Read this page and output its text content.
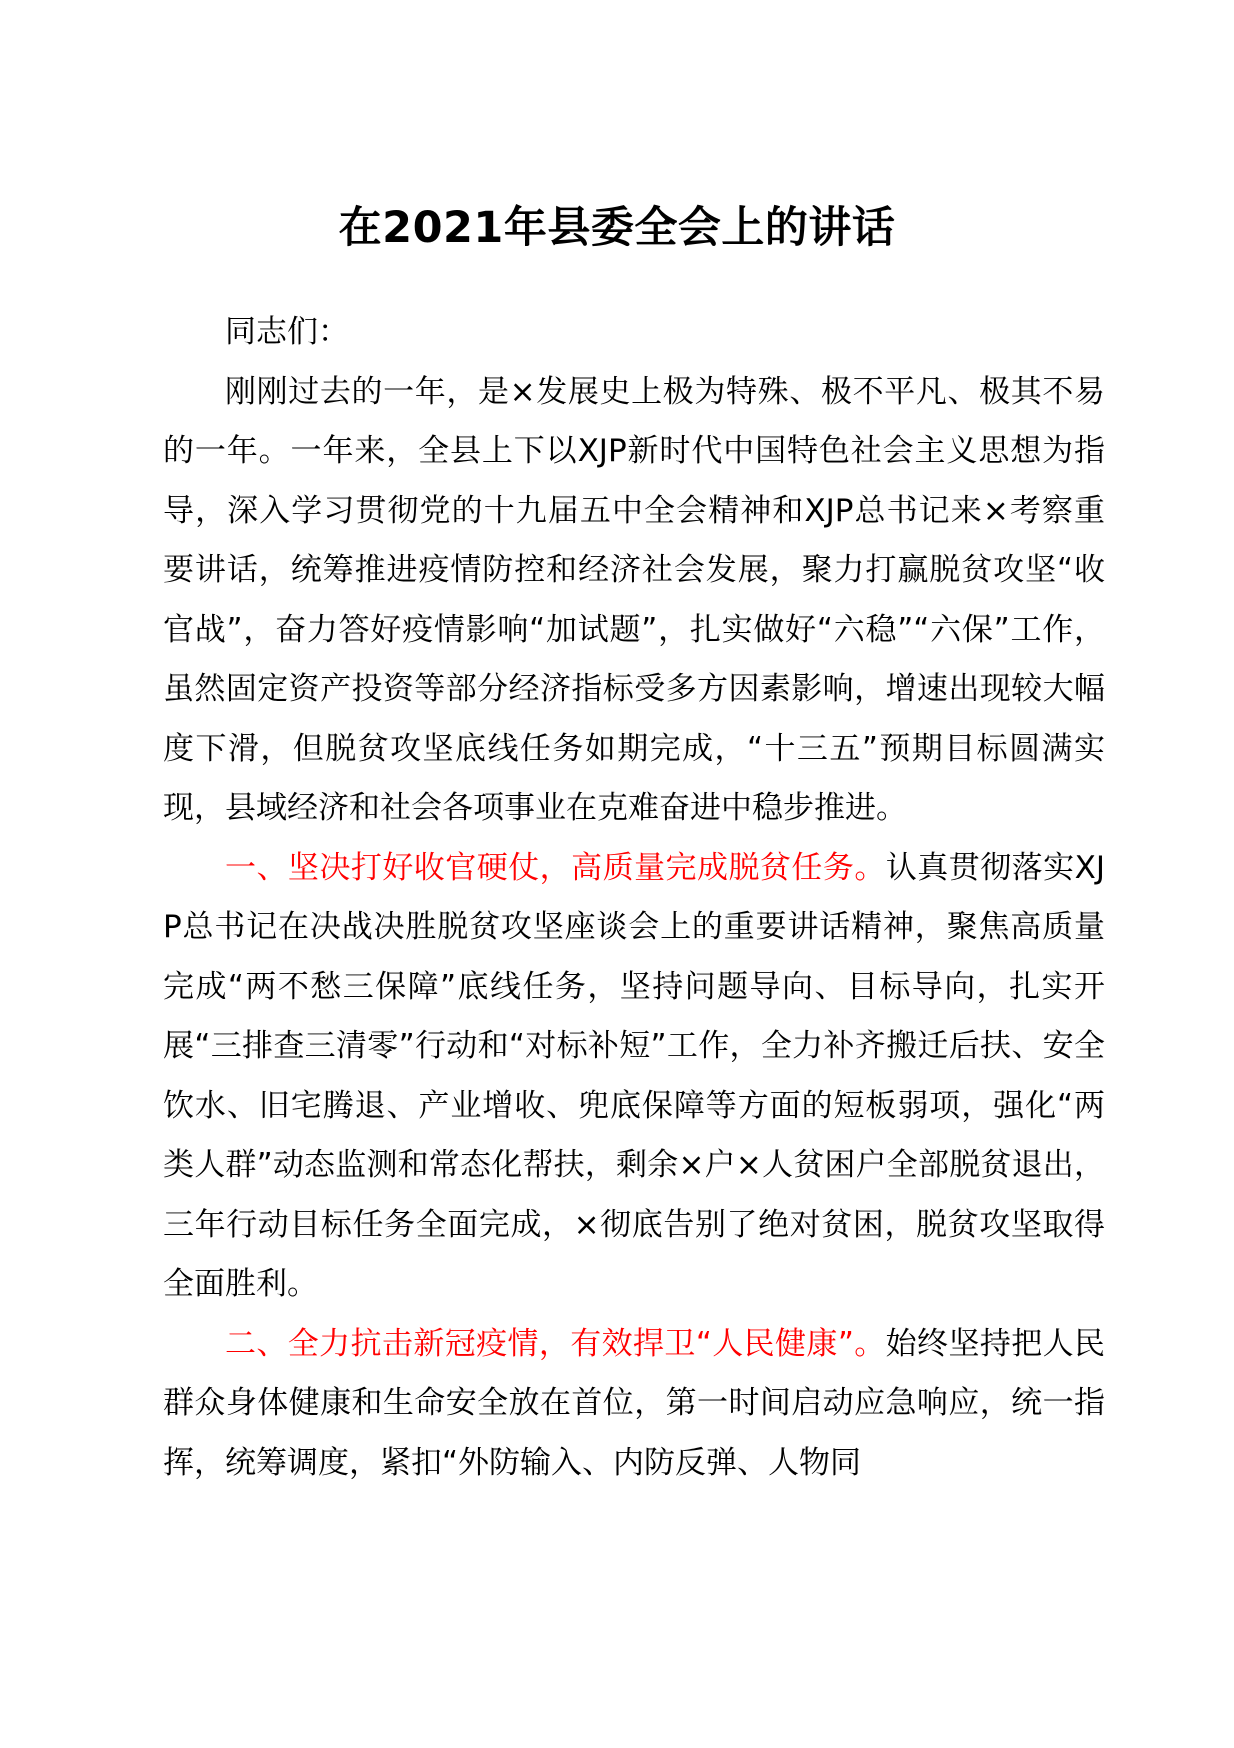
在2021年县委全会上的讲话

同志们：

刚刚过去的一年，是×发展史上极为特殊、极不平凡、极其不易的一年。一年来，全县上下以XJP新时代中国特色社会主义思想为指导，深入学习贯彻党的十九届五中全会精神和XJP总书记来×考察重要讲话，统筹推进疫情防控和经济社会发展，聚力打赢脱贫攻坚“收官战”，奋力答好疫情影响“加试题”，扎实做好“六稳”“六保”工作，虽然固定资产投资等部分经济指标受多方因素影响，增速出现较大幅度下滑，但脱贫攻坚底线任务如期完成，“十三五”预期目标圆满实现，县域经济和社会各项事业在克难奋进中稳步推进。

一、坚决打好收官硬仗，高质量完成脱贫任务。认真贯彻落实XJP总书记在决战决胜脱贫攻坚座谈会上的重要讲话精神，聚焦高质量完成“两不愁三保障”底线任务，坚持问题导向、目标导向，扎实开展“三排查三清零”行动和“对标补短”工作，全力补齐搬迁后扶、安全饮水、旧宅腾退、产业增收、兜底保障等方面的短板弱项，强化“两类人群”动态监测和常态化帮扶，剩余×户×人贫困户全部脱贫退出，三年行动目标任务全面完成，×彻底告别了绝对贫困，脱贫攻坚取得全面胜利。

二、全力抗击新冠疫情，有效捍卫“人民健康”。始终坚持把人民群众身体健康和生命安全放在首位，第一时间启动应急响应，统一指挥，统筹调度，紧扣“外防输入、内防反弹、人物同
